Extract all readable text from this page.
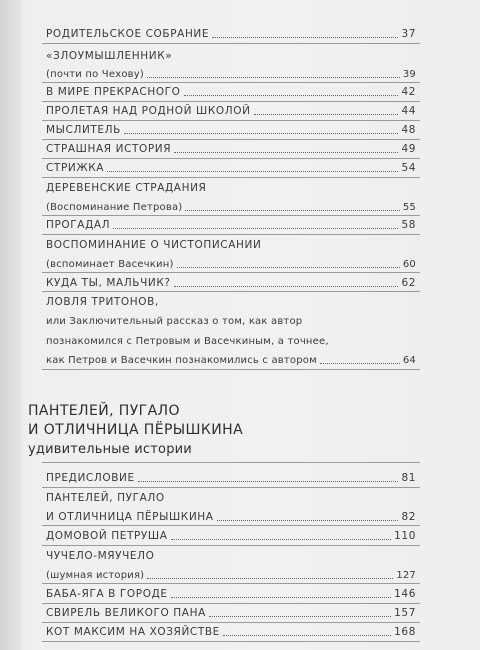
РОДИТЕЛЬСКОЕ СОБРАНИЕ	37
«ЗЛОУМЫШЛЕННИК»
(почти по Чехову)	39
В МИРЕ ПРЕКРАСНОГО	42
ПРОЛЕТАЯ НАД РОДНОЙ ШКОЛОЙ	44
МЫСЛИТЕЛЬ	48
СТРАШНАЯ ИСТОРИЯ	49
СТРИЖКА	54
ДЕРЕВЕНСКИЕ СТРАДАНИЯ
(Воспоминание Петрова)	55
ПРОГАДАЛ	58
ВОСПОМИНАНИЕ О ЧИСТОПИСАНИИ
(вспоминает Васечкин)	60
КУДА ТЫ, МАЛЬЧИК?	62
ЛОВЛЯ ТРИТОНОВ,
или Заключительный рассказ о том, как автор
познакомился с Петровым и Васечкиным, а точнее,
как Петров и Васечкин познакомились с автором	64
ПАНТЕЛЕЙ, ПУГАЛО
И ОТЛИЧНИЦА ПЁРЫШКИНА
удивительные истории
ПРЕДИСЛОВИЕ	81
ПАНТЕЛЕЙ, ПУГАЛО
И ОТЛИЧНИЦА ПЁРЫШКИНА	82
ДОМОВОЙ ПЕТРУША	110
ЧУЧЕЛО-МЯУЧЕЛО
(шумная история)	127
БАБА-ЯГА В ГОРОДЕ	146
СВИРЕЛЬ ВЕЛИКОГО ПАНА	157
КОТ МАКСИМ НА ХОЗЯЙСТВЕ	168
